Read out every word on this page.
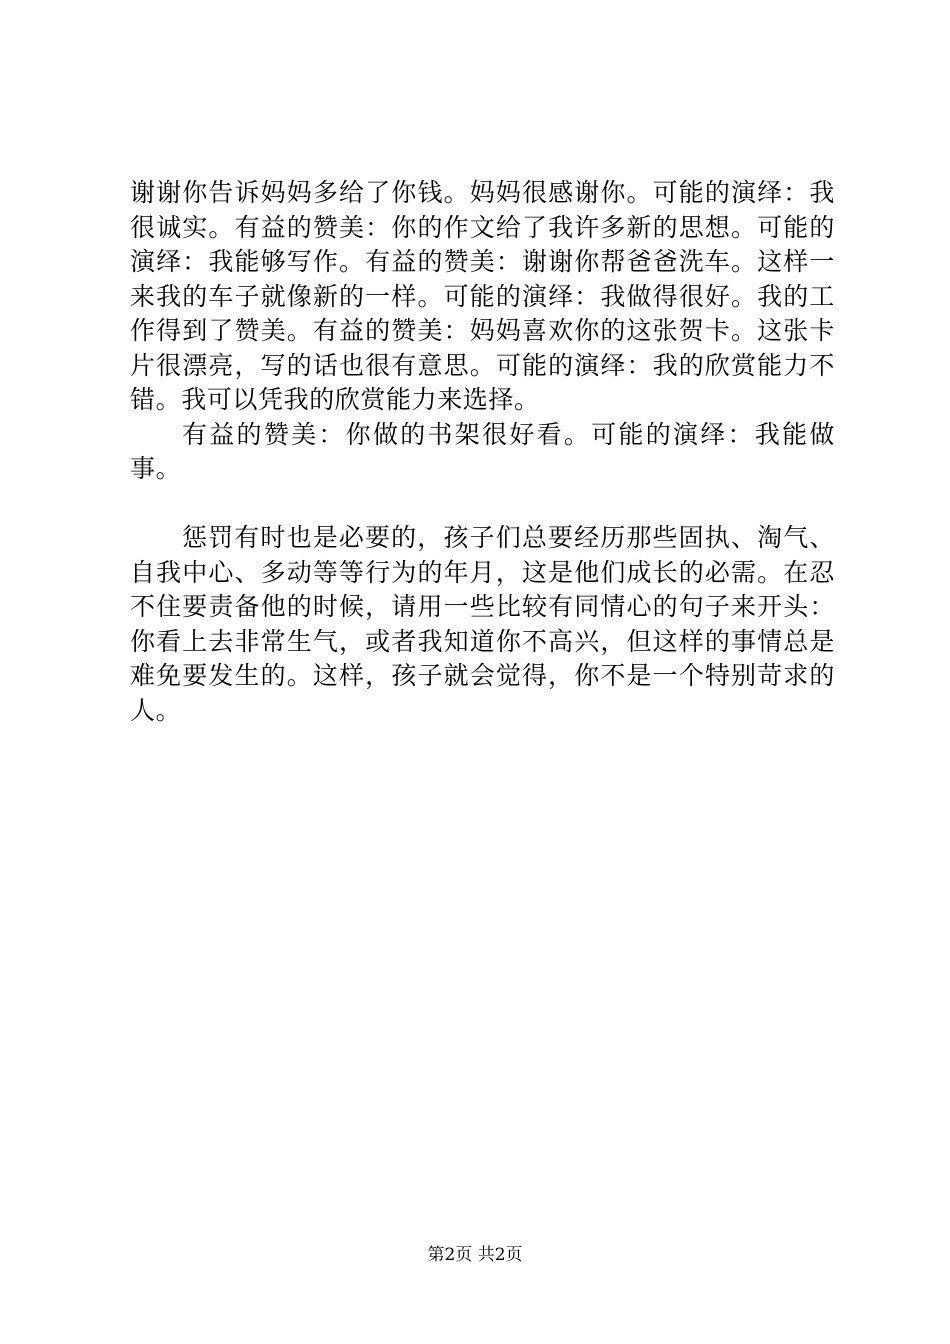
谢谢你告诉妈妈多给了你钱。妈妈很感谢你。可能的演绎：我很诚实。有益的赞美：你的作文给了我许多新的思想。可能的演绎：我能够写作。有益的赞美：谢谢你帮爸爸洗车。这样一来我的车子就像新的一样。可能的演绎：我做得很好。我的工作得到了赞美。有益的赞美：妈妈喜欢你的这张贺卡。这张卡片很漂亮，写的话也很有意思。可能的演绎：我的欣赏能力不错。我可以凭我的欣赏能力来选择。

有益的赞美：你做的书架很好看。可能的演绎：我能做事。

惩罚有时也是必要的，孩子们总要经历那些固执、淘气、自我中心、多动等等行为的年月，这是他们成长的必需。在忍不住要责备他的时候，请用一些比较有同情心的句子来开头：你看上去非常生气，或者我知道你不高兴，但这样的事情总是难免要发生的。这样，孩子就会觉得，你不是一个特别苛求的人。

第2页 共2页
